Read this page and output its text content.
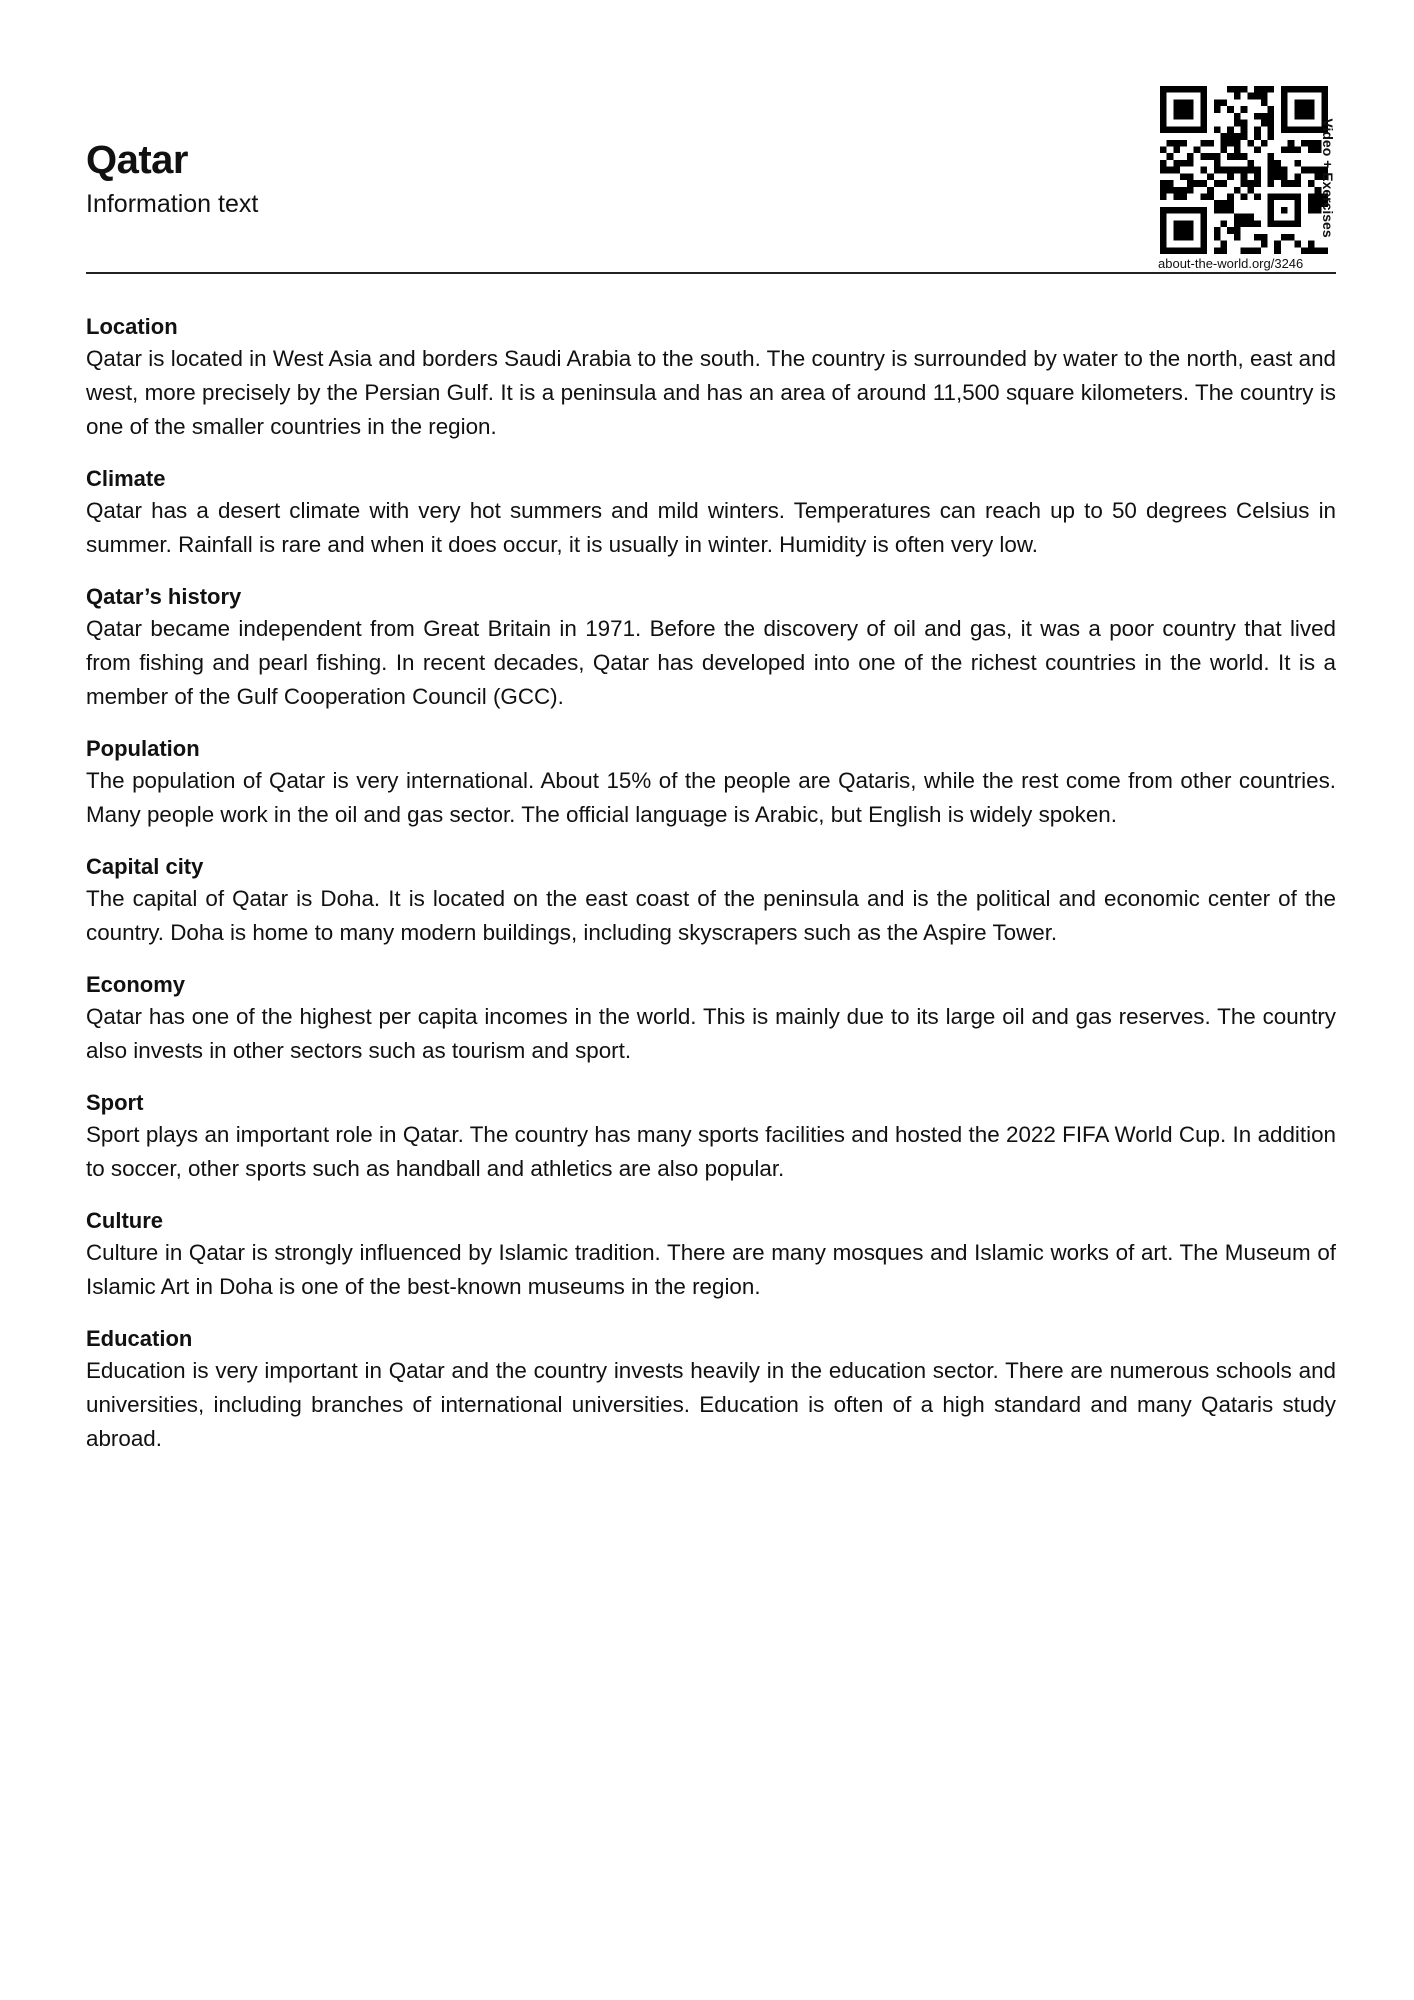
Qatar

Information text	Video + Exercises
about-the-world.org/3246

Location

Qatar is located in West Asia and borders Saudi Arabia to the south. The country is surrounded by water to the north, east and west, more precisely by the Persian Gulf. It is a peninsula and has an area of around 11,500 square kilometers. The country is one of the smaller countries in the region.

Climate

Qatar has a desert climate with very hot summers and mild winters. Temperatures can reach up to 50 degrees Celsius in summer. Rainfall is rare and when it does occur, it is usually in winter. Humidity is often very low.

Qatar’s history

Qatar became independent from Great Britain in 1971. Before the discovery of oil and gas, it was a poor country that lived from fishing and pearl fishing. In recent decades, Qatar has developed into one of the richest countries in the world. It is a member of the Gulf Cooperation Council (GCC).

Population

The population of Qatar is very international. About 15% of the people are Qataris, while the rest come from other countries. Many people work in the oil and gas sector. The official language is Arabic, but English is widely spoken.

Capital city

The capital of Qatar is Doha. It is located on the east coast of the peninsula and is the political and economic center of the country. Doha is home to many modern buildings, including skyscrapers such as the Aspire Tower.

Economy

Qatar has one of the highest per capita incomes in the world. This is mainly due to its large oil and gas reserves. The country also invests in other sectors such as tourism and sport.

Sport

Sport plays an important role in Qatar. The country has many sports facilities and hosted the 2022 FIFA World Cup. In addition to soccer, other sports such as handball and athletics are also popular.

Culture

Culture in Qatar is strongly influenced by Islamic tradition. There are many mosques and Islamic works of art. The Museum of Islamic Art in Doha is one of the best-known museums in the region.

Education

Education is very important in Qatar and the country invests heavily in the education sector. There are numerous schools and universities, including branches of international universities. Education is often of a high standard and many Qataris study abroad.
